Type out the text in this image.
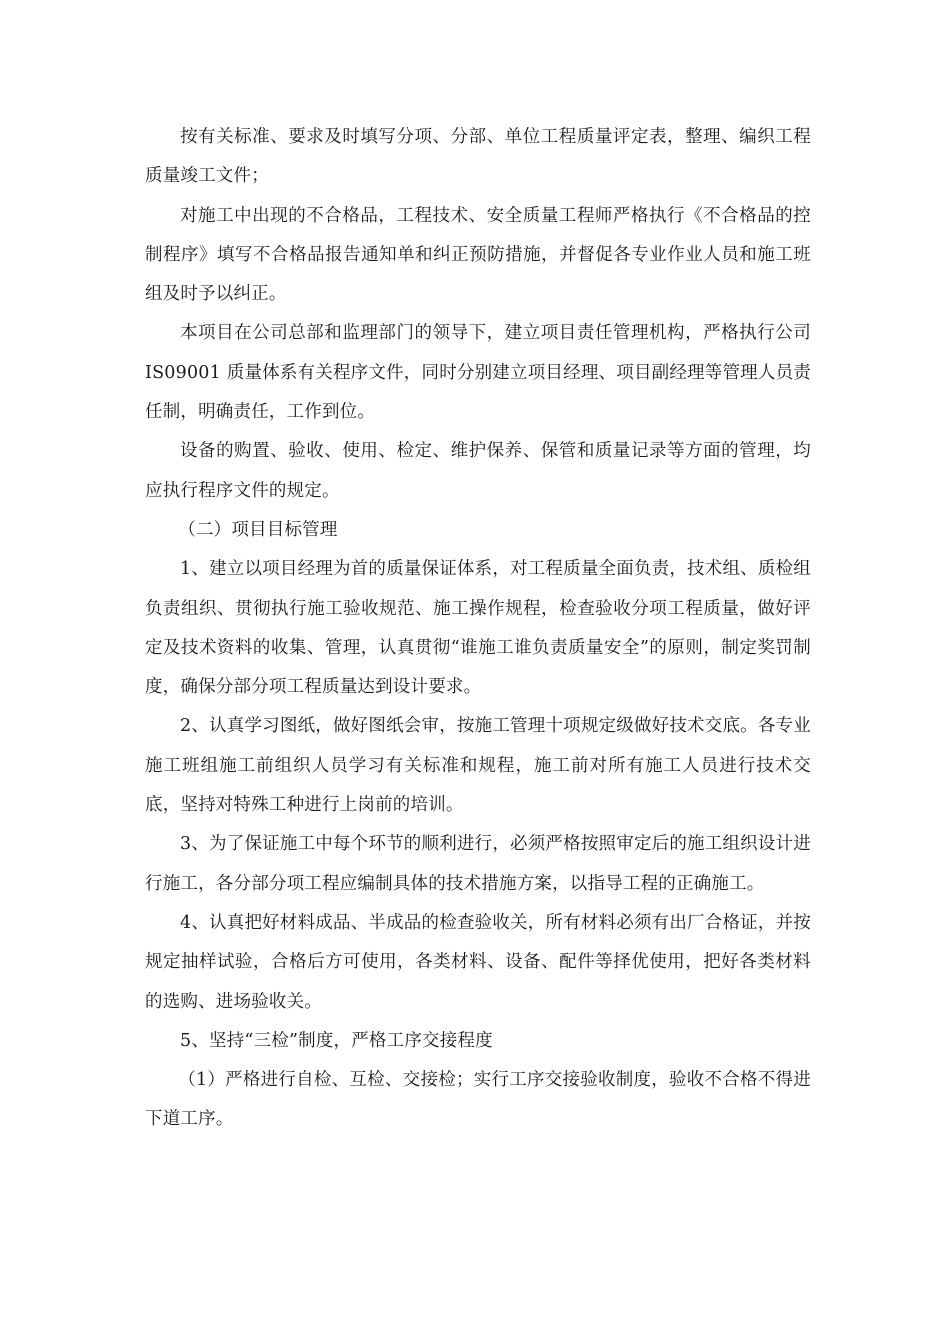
按有关标准、要求及时填写分项、分部、单位工程质量评定表，整理、编织工程质量竣工文件；

对施工中出现的不合格品，工程技术、安全质量工程师严格执行《不合格品的控制程序》填写不合格品报告通知单和纠正预防措施，并督促各专业作业人员和施工班组及时予以纠正。

本项目在公司总部和监理部门的领导下，建立项目责任管理机构，严格执行公司 IS09001 质量体系有关程序文件，同时分别建立项目经理、项目副经理等管理人员责任制，明确责任，工作到位。

设备的购置、验收、使用、检定、维护保养、保管和质量记录等方面的管理，均应执行程序文件的规定。

（二）项目目标管理

1、建立以项目经理为首的质量保证体系，对工程质量全面负责，技术组、质检组负责组织、贯彻执行施工验收规范、施工操作规程，检查验收分项工程质量，做好评定及技术资料的收集、管理，认真贯彻“谁施工谁负责质量安全”的原则，制定奖罚制度，确保分部分项工程质量达到设计要求。

2、认真学习图纸，做好图纸会审，按施工管理十项规定级做好技术交底。各专业施工班组施工前组织人员学习有关标准和规程，施工前对所有施工人员进行技术交底，坚持对特殊工种进行上岗前的培训。

3、为了保证施工中每个环节的顺利进行，必须严格按照审定后的施工组织设计进行施工，各分部分项工程应编制具体的技术措施方案，以指导工程的正确施工。

4、认真把好材料成品、半成品的检查验收关，所有材料必须有出厂合格证，并按规定抽样试验，合格后方可使用，各类材料、设备、配件等择优使用，把好各类材料的选购、进场验收关。

5、坚持“三检”制度，严格工序交接程度

（1）严格进行自检、互检、交接检；实行工序交接验收制度，验收不合格不得进下道工序。
